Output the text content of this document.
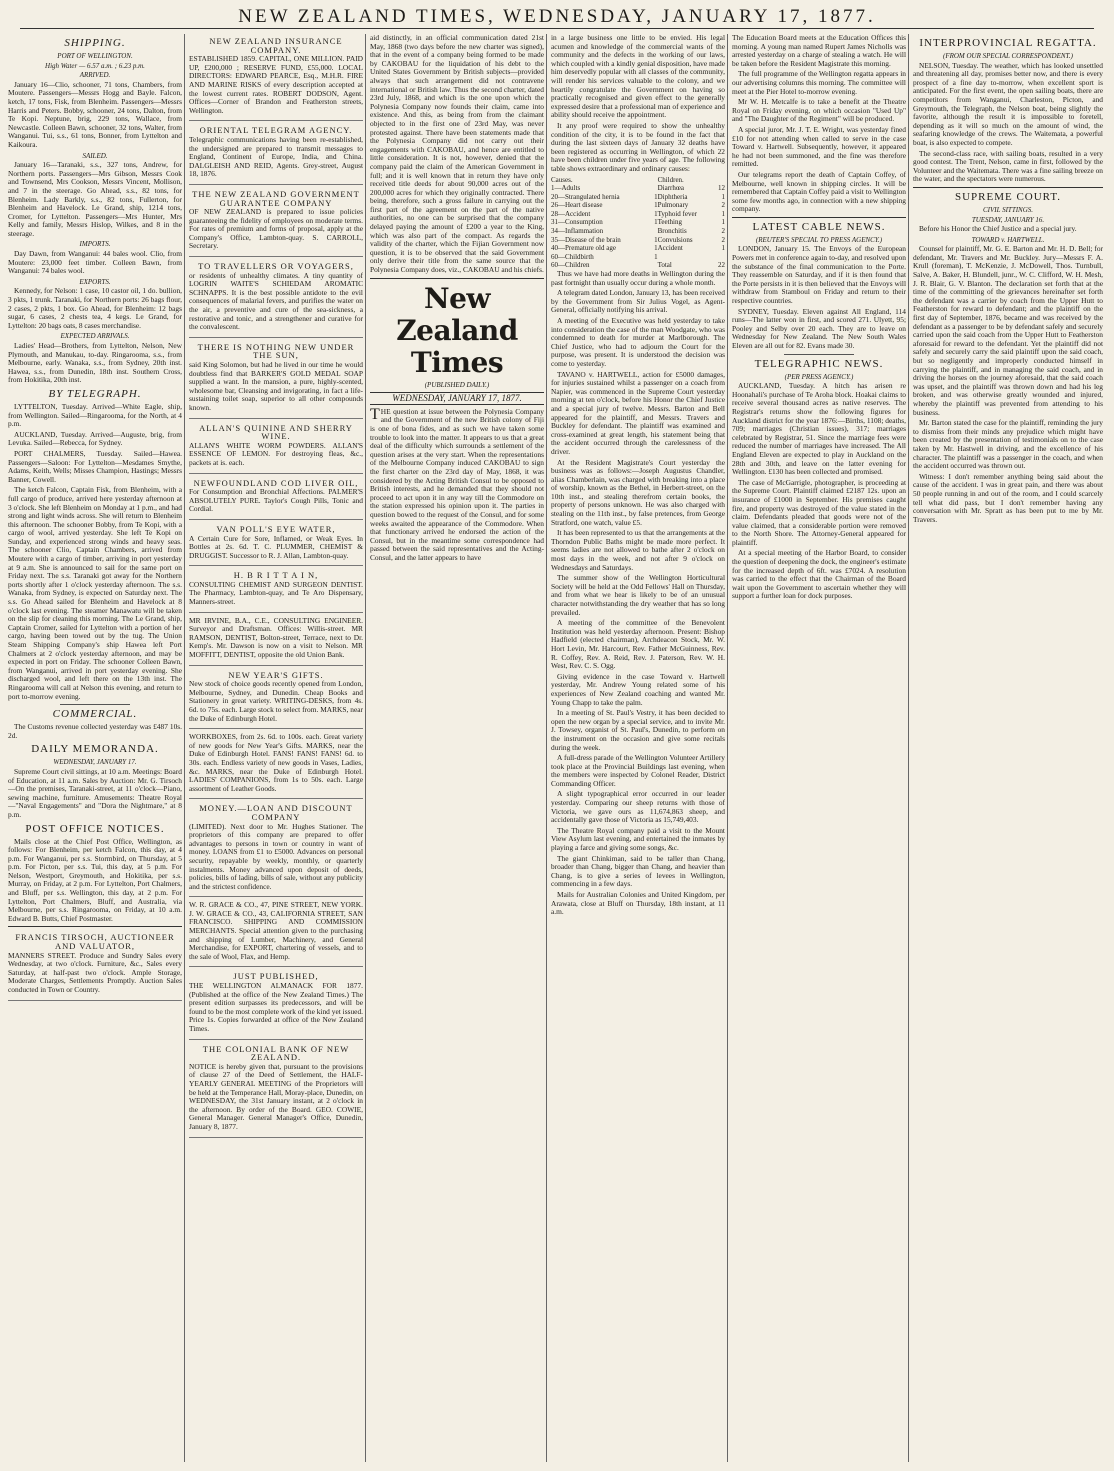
NEW ZEALAND TIMES, WEDNESDAY, JANUARY 17, 1877.
SHIPPING.
PORT OF WELLINGTON.
High Water — 6.57 a.m. ; 6.23 p.m.
ARRIVED.

January 16—Clio, schooner, 71 tons, Chambers, from Moutere. Passengers—Messrs Hogg and Bayle. Falcon, ketch, 17 tons, Fisk, from Blenheim. Passengers—Messrs Harris and Peters. Bobby, schooner, 24 tons, Dalton, from Te Kopi. Neptune, brig, 229 tons, Wallace, from Newcastle. Colleen Bawn, schooner, 32 tons, Walter, from Wanganui. Tui, s.s., 61 tons, Bonner, from Lyttelton and Kaikoura.

SAILED.

January 16—Taranaki, s.s., 327 tons, Andrew, for Northern ports. Passengers—Mrs Gibson, Messrs Cook and Townsend, Mrs Cookson, Messrs Vincent, Mollison, and 7 in the steerage. Go Ahead, s.s., 82 tons, for Blenheim. Lady Barkly, s.s., 82 tons, Fullerton, for Blenheim and Havelock. Le Grand, ship, 1214 tons, Cromer, for Lyttelton. Passengers—Mrs Hunter, Mrs Kelly and family, Messrs Hislop, Wilkes, and 8 in the steerage.

IMPORTS.

Day Dawn, from Wanganui: 44 bales wool. Clio, from Moutere: 23,000 feet timber. Colleen Bawn, from Wanganui: 74 bales wool.

EXPORTS.

Kennedy, for Nelson: 1 case, 10 castor oil, 1 do. bullion, 3 pkts, 1 trunk. Taranaki, for Northern ports: 26 bags flour, 2 cases, 2 pkts, 1 box. Go Ahead, for Blenheim: 12 bags sugar, 6 cases, 2 chests tea, 4 kegs. Le Grand, for Lyttelton: 20 bags oats, 8 cases merchandise.

EXPECTED ARRIVALS.

Ladies' Head—Brothers, from Lyttelton, Nelson, New Plymouth, and Manukau, to-day. Ringarooma, s.s., from Melbourne, early. Wanaka, s.s., from Sydney, 20th inst. Hawea, s.s., from Dunedin, 18th inst. Southern Cross, from Hokitika, 20th inst.

BY TELEGRAPH.

LYTTELTON, Tuesday. Arrived—White Eagle, ship, from Wellington. Sailed—Ringarooma, for the North, at 4 p.m.

AUCKLAND, Tuesday. Arrived—Auguste, brig, from Levuka. Sailed—Rebecca, for Sydney.

PORT CHALMERS, Tuesday. Sailed—Hawea. Passengers—Saloon: For Lyttelton—Mesdames Smythe, Adams, Keith, Wells; Misses Champion, Hastings; Messrs Banner, Cowell.

The ketch Falcon, Captain Fisk, from Blenheim, with a full cargo of produce, arrived here yesterday afternoon at 3 o'clock. She left Blenheim on Monday at 1 p.m., and had strong and light winds across. She will return to Blenheim this afternoon. The schooner Bobby, from Te Kopi, with a cargo of wool, arrived yesterday. She left Te Kopi on Sunday, and experienced strong winds and heavy seas. The schooner Clio, Captain Chambers, arrived from Moutere with a cargo of timber, arriving in port yesterday at 9 a.m. She is announced to sail for the same port on Friday next. The s.s. Taranaki got away for the Northern ports shortly after 1 o'clock yesterday afternoon. The s.s. Wanaka, from Sydney, is expected on Saturday next. The s.s. Go Ahead sailed for Blenheim and Havelock at 8 o'clock last evening. The steamer Manawatu will be taken on the slip for cleaning this morning. The Le Grand, ship, Captain Cromer, sailed for Lyttelton with a portion of her cargo, having been towed out by the tug. The Union Steam Shipping Company's ship Hawea left Port Chalmers at 2 o'clock yesterday afternoon, and may be expected in port on Friday. The schooner Colleen Bawn, from Wanganui, arrived in port yesterday evening. She discharged wool, and left there on the 13th inst. The Ringarooma will call at Nelson this evening, and return to port to-morrow evening.

COMMERCIAL.

The Customs revenue collected yesterday was £487 10s. 2d.

DAILY MEMORANDA.
WEDNESDAY, JANUARY 17.

Supreme Court civil sittings, at 10 a.m. Meetings: Board of Education, at 11 a.m. Sales by Auction: Mr. G. Tirsoch—On the premises, Taranaki-street, at 11 o'clock—Piano, sewing machine, furniture. Amusements: Theatre Royal—"Naval Engagements" and "Dora the Nightmare," at 8 p.m.

POST OFFICE NOTICES.

Mails close at the Chief Post Office, Wellington, as follows: For Blenheim, per ketch Falcon, this day, at 4 p.m. For Wanganui, per s.s. Stormbird, on Thursday, at 5 p.m. For Picton, per s.s. Tui, this day, at 5 p.m. For Nelson, Westport, Greymouth, and Hokitika, per s.s. Murray, on Friday, at 2 p.m. For Lyttelton, Port Chalmers, and Bluff, per s.s. Wellington, this day, at 2 p.m. For Lyttelton, Port Chalmers, Bluff, and Australia, via Melbourne, per s.s. Ringarooma, on Friday, at 10 a.m. Edward B. Butts, Chief Postmaster.

FRANCIS TIRSOCH, AUCTIONEER AND VALUATOR,

MANNERS STREET. Produce and Sundry Sales every Wednesday, at two o'clock. Furniture, &c., Sales every Saturday, at half-past two o'clock. Ample Storage, Moderate Charges, Settlements Promptly. Auction Sales conducted in Town or Country.

NEW ZEALAND INSURANCE COMPANY.

ESTABLISHED 1859. CAPITAL, ONE MILLION. PAID UP, £200,000 ; RESERVE FUND, £55,000. LOCAL DIRECTORS: EDWARD PEARCE, Esq., M.H.R. FIRE AND MARINE RISKS of every description accepted at the lowest current rates. ROBERT DODSON, Agent. Offices—Corner of Brandon and Featherston streets, Wellington.

ORIENTAL TELEGRAM AGENCY.

Telegraphic communications having been re-established, the undersigned are prepared to transmit messages to England, Continent of Europe, India, and China. DALGLEISH AND REID, Agents. Grey-street, August 18, 1876.

THE NEW ZEALAND GOVERNMENT GUARANTEE COMPANY

OF NEW ZEALAND is prepared to issue policies guaranteeing the fidelity of employees on moderate terms. For rates of premium and forms of proposal, apply at the Company's Office, Lambton-quay. S. CARROLL, Secretary.

TO TRAVELLERS OR VOYAGERS,

or residents of unhealthy climates. A tiny quantity of LOGRIN WAITE'S SCHIEDAM AROMATIC SCHNAPPS. It is the best possible antidote to the evil consequences of malarial fevers, and purifies the water on the air, a preventive and cure of the sea-sickness, a restorative and tonic, and a strengthener and curative for the convalescent.

THERE IS NOTHING NEW UNDER THE SUN,

said King Solomon, but had he lived in our time he would doubtless find that BARKER'S GOLD MEDAL SOAP supplied a want. In the mansion, a pure, highly-scented, wholesome bar, Cleansing and invigorating, in fact a life-sustaining toilet soap, superior to all other compounds known.

ALLAN'S QUININE AND SHERRY WINE.

ALLAN'S WHITE WORM POWDERS. ALLAN'S ESSENCE OF LEMON. For destroying fleas, &c., packets at is. each.

NEWFOUNDLAND COD LIVER OIL,

For Consumption and Bronchial Affections. PALMER'S ABSOLUTELY PURE. Taylor's Cough Pills, Tonic and Cordial.

VAN POLL'S EYE WATER,

A Certain Cure for Sore, Inflamed, or Weak Eyes. In Bottles at 2s. 6d. T. C. PLUMMER, CHEMIST & DRUGGIST. Successor to R. J. Allan, Lambton-quay.

H. B R I T T A I N,

CONSULTING CHEMIST AND SURGEON DENTIST. The Pharmacy, Lambton-quay, and Te Aro Dispensary, Manners-street.

MR IRVINE, B.A., C.E., CONSULTING ENGINEER. Surveyor and Draftsman. Offices: Willis-street. MR RAMSON, DENTIST, Bolton-street, Terrace, next to Dr. Kemp's. Mr. Dawson is now on a visit to Nelson. MR MOFFITT, DENTIST, opposite the old Union Bank.

NEW YEAR'S GIFTS.

New stock of choice goods recently opened from London, Melbourne, Sydney, and Dunedin. Cheap Books and Stationery in great variety. WRITING-DESKS, from 4s. 6d. to 75s. each. Large stock to select from. MARKS, near the Duke of Edinburgh Hotel.

WORKBOXES, from 2s. 6d. to 100s. each. Great variety of new goods for New Year's Gifts. MARKS, near the Duke of Edinburgh Hotel. FANS! FANS! FANS! 6d. to 30s. each. Endless variety of new goods in Vases, Ladies, &c. MARKS, near the Duke of Edinburgh Hotel. LADIES' COMPANIONS, from 1s to 50s. each. Large assortment of Leather Goods.

MONEY.—LOAN AND DISCOUNT COMPANY

(LIMITED). Next door to Mr. Hughes Stationer. The proprietors of this company are prepared to offer advantages to persons in town or country in want of money. LOANS from £1 to £5000. Advances on personal security, repayable by weekly, monthly, or quarterly instalments. Money advanced upon deposit of deeds, policies, bills of lading, bills of sale, without any publicity and the strictest confidence.

W. R. GRACE & CO., 47, PINE STREET, NEW YORK. J. W. GRACE & CO., 43, CALIFORNIA STREET, SAN FRANCISCO. SHIPPING AND COMMISSION MERCHANTS. Special attention given to the purchasing and shipping of Lumber, Machinery, and General Merchandise, for EXPORT, chartering of vessels, and to the sale of Wool, Flax, and Hemp.

JUST PUBLISHED,

THE WELLINGTON ALMANACK FOR 1877. (Published at the office of the New Zealand Times.) The present edition surpasses its predecessors, and will be found to be the most complete work of the kind yet issued. Price 1s. Copies forwarded at office of the New Zealand Times.

THE COLONIAL BANK OF NEW ZEALAND.

NOTICE is hereby given that, pursuant to the provisions of clause 27 of the Deed of Settlement, the HALF-YEARLY GENERAL MEETING of the Proprietors will be held at the Temperance Hall, Moray-place, Dunedin, on WEDNESDAY, the 31st January instant, at 2 o'clock in the afternoon. By order of the Board. GEO. COWIE, General Manager. General Manager's Office, Dunedin, January 8, 1877.

aid distinctly, in an official communication dated 21st May, 1868 (two days before the new charter was signed), that in the event of a company being formed to be made by CAKOBAU for the liquidation of his debt to the United States Government by British subjects—provided always that such arrangement did not contravene international or British law. Thus the second charter, dated 23rd July, 1868, and which is the one upon which the Polynesia Company now founds their claim, came into existence. And this, as being from from the claimant objected to in the first one of 23rd May, was never protested against. There have been statements made that the Polynesia Company did not carry out their engagements with CAKOBAU, and hence are entitled to little consideration. It is not, however, denied that the company paid the claim of the American Government in full; and it is well known that in return they have only received title deeds for about 90,000 acres out of the 200,000 acres for which they originally contracted. There being, therefore, such a gross failure in carrying out the first part of the agreement on the part of the native authorities, no one can be surprised that the company delayed paying the amount of £200 a year to the King, which was also part of the compact. As regards the validity of the charter, which the Fijian Government now question, it is to be observed that the said Government only derive their title from the same source that the Polynesia Company does, viz., CAKOBAU and his chiefs.

New Zealand Times
(PUBLISHED DAILY.)
WEDNESDAY, JANUARY 17, 1877.

THE question at issue between the Polynesia Company and the Government of the new British colony of Fiji is one of bona fides, and as such we have taken some trouble to look into the matter. It appears to us that a great deal of the difficulty which surrounds a settlement of the question arises at the very start. When the representations of the Melbourne Company induced CAKOBAU to sign the first charter on the 23rd day of May, 1868, it was considered by the Acting British Consul to be opposed to British interests, and he demanded that they should not proceed to act upon it in any way till the Commodore on the station expressed his opinion upon it. The parties in question bowed to the request of the Consul, and for some weeks awaited the appearance of the Commodore. When that functionary arrived he endorsed the action of the Consul, but in the meantime some correspondence had passed between the said representatives and the Acting-Consul, and the latter appears to have

in a large business one little to be envied. His legal acumen and knowledge of the commercial wants of the community and the defects in the working of our laws, which coupled with a kindly genial disposition, have made him deservedly popular with all classes of the community, will render his services valuable to the colony, and we heartily congratulate the Government on having so practically recognised and given effect to the generally expressed desire that a professional man of experience and ability should receive the appointment.

It any proof were required to show the unhealthy condition of the city, it is to be found in the fact that during the last sixteen days of January 32 deaths have been registered as occurring in Wellington, of which 22 have been children under five years of age. The following table shows extraordinary and ordinary causes:

Causes.		Children.	
1—Adults		Diarrhœa	12
20—Strangulated hernia	1	Diphtheria	1
26—Heart disease	1	Pulmonary	2
28—Accident	1	Typhoid fever	1
31—Consumption	1	Teething	1
34—Inflammation		Bronchitis	2
35—Disease of the brain	1	Convulsions	2
40—Premature old age	1	Accident	1
60—Childbirth	1		
60—Children		Total	22

Thus we have had more deaths in Wellington during the past fortnight than usually occur during a whole month.

A telegram dated London, January 13, has been received by the Government from Sir Julius Vogel, as Agent-General, officially notifying his arrival.

A meeting of the Executive was held yesterday to take into consideration the case of the man Woodgate, who was condemned to death for murder at Marlborough. The Chief Justice, who had to adjourn the Court for the purpose, was present. It is understood the decision was come to yesterday.

TAVANO v. HARTWELL, action for £5000 damages, for injuries sustained whilst a passenger on a coach from Napier, was commenced in the Supreme Court yesterday morning at ten o'clock, before his Honor the Chief Justice and a special jury of twelve. Messrs. Barton and Bell appeared for the plaintiff, and Messrs. Travers and Buckley for defendant. The plaintiff was examined and cross-examined at great length, his statement being that the accident occurred through the carelessness of the driver.

At the Resident Magistrate's Court yesterday the business was as follows:—Joseph Augustus Chandler, alias Chamberlain, was charged with breaking into a place of worship, known as the Bethel, in Herbert-street, on the 10th inst., and stealing therefrom certain books, the property of persons unknown. He was also charged with stealing on the 11th inst., by false pretences, from George Stratford, one watch, value £5.

It has been represented to us that the arrangements at the Thorndon Public Baths might be made more perfect. It seems ladies are not allowed to bathe after 2 o'clock on most days in the week, and not after 9 o'clock on Wednesdays and Saturdays.

The summer show of the Wellington Horticultural Society will be held at the Odd Fellows' Hall on Thursday, and from what we hear is likely to be of an unusual character notwithstanding the dry weather that has so long prevailed.

A meeting of the committee of the Benevolent Institution was held yesterday afternoon. Present: Bishop Hadfield (elected chairman), Archdeacon Stock, Mr. W. Hort Levin, Mr. Harcourt, Rev. Father McGuinness, Rev. R. Coffey, Rev. A. Reid, Rev. J. Paterson, Rev. W. H. West, Rev. C. S. Ogg.

Giving evidence in the case Toward v. Hartwell yesterday, Mr. Andrew Young related some of his experiences of New Zealand coaching and wanted Mr. Young Chapp to take the palm.

In a meeting of St. Paul's Vestry, it has been decided to open the new organ by a special service, and to invite Mr. J. Towsey, organist of St. Paul's, Dunedin, to perform on the instrument on the occasion and give some recitals during the week.

A full-dress parade of the Wellington Volunteer Artillery took place at the Provincial Buildings last evening, when the members were inspected by Colonel Reader, District Commanding Officer.

A slight typographical error occurred in our leader yesterday. Comparing our sheep returns with those of Victoria, we gave ours as 11,674,863 sheep, and accidentally gave those of Victoria as 15,749,403.

The Theatre Royal company paid a visit to the Mount View Asylum last evening, and entertained the inmates by playing a farce and giving some songs, &c.

The giant Chinkiman, said to be taller than Chang, broader than Chang, bigger than Chang, and heavier than Chang, is to give a series of levees in Wellington, commencing in a few days.

Mails for Australian Colonies and United Kingdom, per Arawata, close at Bluff on Thursday, 18th instant, at 11 a.m.

The Education Board meets at the Education Offices this morning. A young man named Rupert James Nicholls was arrested yesterday on a charge of stealing a watch. He will be taken before the Resident Magistrate this morning.

The full programme of the Wellington regatta appears in our advertising columns this morning. The committee will meet at the Pier Hotel to-morrow evening.

Mr W. H. Metcalfe is to take a benefit at the Theatre Royal on Friday evening, on which occasion "Used Up" and "The Daughter of the Regiment" will be produced.

A special juror, Mr. J. T. E. Wright, was yesterday fined £10 for not attending when called to serve in the case Toward v. Hartwell. Subsequently, however, it appeared he had not been summoned, and the fine was therefore remitted.

Our telegrams report the death of Captain Coffey, of Melbourne, well known in shipping circles. It will be remembered that Captain Coffey paid a visit to Wellington some few months ago, in connection with a new shipping company.

LATEST CABLE NEWS.
(REUTER'S SPECIAL TO PRESS AGENCY.)

LONDON, January 15. The Envoys of the European Powers met in conference again to-day, and resolved upon the substance of the final communication to the Porte. They reassemble on Saturday, and if it is then found that the Porte persists in it is then believed that the Envoys will withdraw from Stamboul on Friday and return to their respective countries.

SYDNEY, Tuesday. Eleven against All England, 114 runs—The latter won in first, and scored 271. Ulyett, 95; Pooley and Selby over 20 each. They are to leave on Wednesday for New Zealand. The New South Wales Eleven are all out for 82. Evans made 30.

TELEGRAPHIC NEWS.
(PER PRESS AGENCY.)

AUCKLAND, Tuesday. A hitch has arisen re Hoonahali's purchase of Te Aroha block. Hoakai claims to receive several thousand acres as native reserves. The Registrar's returns show the following figures for Auckland district for the year 1876:—Births, 1108; deaths, 709; marriages (Christian issues), 317; marriages celebrated by Registrar, 51. Since the marriage fees were reduced the number of marriages have increased. The All England Eleven are expected to play in Auckland on the 28th and 30th, and leave on the latter evening for Wellington. £130 has been collected and promised.

The case of McGarrigle, photographer, is proceeding at the Supreme Court. Plaintiff claimed £2187 12s. upon an insurance of £1000 in September. His premises caught fire, and property was destroyed of the value stated in the claim. Defendants pleaded that goods were not of the value claimed, that a considerable portion were removed to the North Shore. The Attorney-General appeared for plaintiff.

At a special meeting of the Harbor Board, to consider the question of deepening the dock, the engineer's estimate for the increased depth of 6ft. was £7024. A resolution was carried to the effect that the Chairman of the Board wait upon the Government to ascertain whether they will support a further loan for dock purposes.

INTERPROVINCIAL REGATTA.
(FROM OUR SPECIAL CORRESPONDENT.)

NELSON, Tuesday. The weather, which has looked unsettled and threatening all day, promises better now, and there is every prospect of a fine day to-morrow, when excellent sport is anticipated. For the first event, the open sailing boats, there are competitors from Wanganui, Charleston, Picton, and Greymouth, the Telegraph, the Nelson boat, being slightly the favorite, although the result it is impossible to foretell, depending as it will so much on the amount of wind, the seafaring knowledge of the crews. The Waitemata, a powerful boat, is also expected to compete.

The second-class race, with sailing boats, resulted in a very good contest. The Trent, Nelson, came in first, followed by the Volunteer and the Waitemata. There was a fine sailing breeze on the water, and the spectators were numerous.

SUPREME COURT.
CIVIL SITTINGS.
TUESDAY, JANUARY 16.

Before his Honor the Chief Justice and a special jury.

TOWARD v. HARTWELL.

Counsel for plaintiff, Mr. G. E. Barton and Mr. H. D. Bell; for defendant, Mr. Travers and Mr. Buckley. Jury—Messrs F. A. Krull (foreman), T. McKenzie, J. McDowell, Thos. Turnbull, Salve, A. Baker, H. Blundell, junr., W. C. Clifford, W. H. Mesh, J. R. Blair, G. V. Blanton. The declaration set forth that at the time of the committing of the grievances hereinafter set forth the defendant was a carrier by coach from the Upper Hutt to Featherston for reward to defendant; and the plaintiff on the first day of September, 1876, became and was received by the defendant as a passenger to be by defendant safely and securely carried upon the said coach from the Upper Hutt to Featherston aforesaid for reward to the defendant. Yet the plaintiff did not safely and securely carry the said plaintiff upon the said coach, but so negligently and improperly conducted himself in carrying the plaintiff, and in managing the said coach, and in driving the horses on the journey aforesaid, that the said coach was upset, and the plaintiff was thrown down and had his leg broken, and was otherwise greatly wounded and injured, whereby the plaintiff was prevented from attending to his business.

Mr. Barton stated the case for the plaintiff, reminding the jury to dismiss from their minds any prejudice which might have been created by the presentation of testimonials on to the case taken by Mr. Hastwell in driving, and the excellence of his character. The plaintiff was a passenger in the coach, and when the accident occurred was thrown out.

Witness: I don't remember anything being said about the cause of the accident. I was in great pain, and there was about 50 people running in and out of the room, and I could scarcely tell what did pass, but I don't remember having any conversation with Mr. Spratt as has been put to me by Mr. Travers.
